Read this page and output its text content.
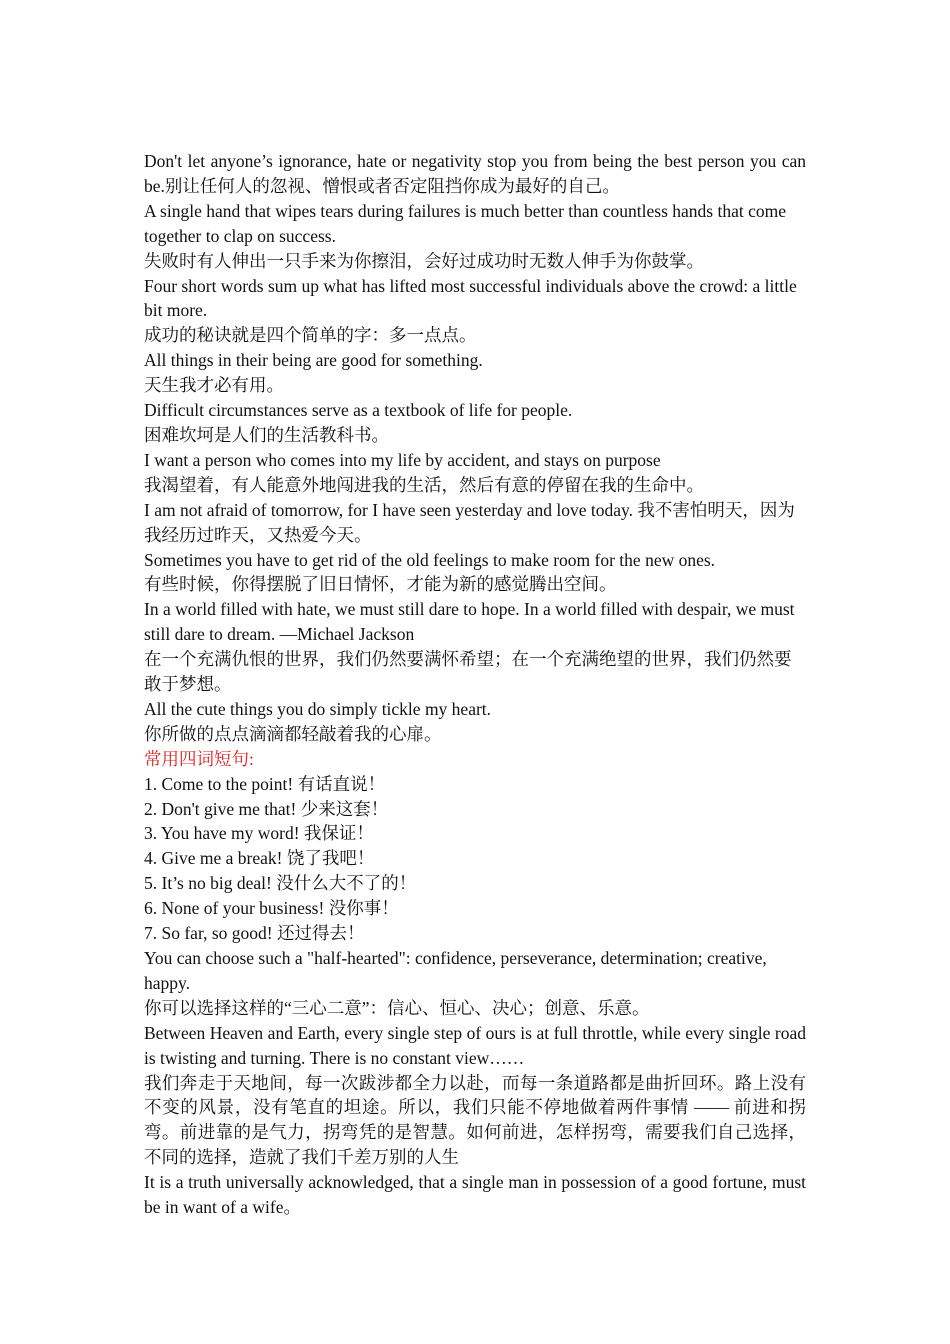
Don't let anyone’s ignorance, hate or negativity stop you from being the best person you can be.别让任何人的忽视、憎恨或者否定阻挡你成为最好的自己。

A single hand that wipes tears during failures is much better than countless hands that come together to clap on success.

失败时有人伸出一只手来为你擦泪，会好过成功时无数人伸手为你鼓掌。

Four short words sum up what has lifted most successful individuals above the crowd: a little bit more.

成功的秘诀就是四个简单的字：多一点点。

All things in their being are good for something.

天生我才必有用。

Difficult circumstances serve as a textbook of life for people.

困难坎坷是人们的生活教科书。

I want a person who comes into my life by accident, and stays on purpose

我渴望着，有人能意外地闯进我的生活，然后有意的停留在我的生命中。

I am not afraid of tomorrow, for I have seen yesterday and love today. 我不害怕明天，因为我经历过昨天，又热爱今天。

Sometimes you have to get rid of the old feelings to make room for the new ones.

有些时候，你得摆脱了旧日情怀，才能为新的感觉腾出空间。

In a world filled with hate, we must still dare to hope. In a world filled with despair, we must still dare to dream. —Michael Jackson

在一个充满仇恨的世界，我们仍然要满怀希望；在一个充满绝望的世界，我们仍然要敢于梦想。

All the cute things you do simply tickle my heart.

你所做的点点滴滴都轻敲着我的心扉。

常用四词短句:

1. Come to the point! 有话直说！

2. Don't give me that! 少来这套！

3. You have my word! 我保证！

4. Give me a break! 饶了我吧！

5. It’s no big deal! 没什么大不了的！

6. None of your business! 没你事！

7. So far, so good! 还过得去！

You can choose such a "half-hearted": confidence, perseverance, determination; creative, happy.

你可以选择这样的“三心二意”：信心、恒心、决心；创意、乐意。

Between Heaven and Earth, every single step of ours is at full throttle, while every single road is twisting and turning. There is no constant view……

我们奔走于天地间，每一次跋涉都全力以赴，而每一条道路都是曲折回环。路上没有不变的风景，没有笔直的坦途。所以，我们只能不停地做着两件事情 —— 前进和拐弯。前进靠的是气力，拐弯凭的是智慧。如何前进，怎样拐弯，需要我们自己选择，不同的选择，造就了我们千差万别的人生

It is a truth universally acknowledged, that a single man in possession of a good fortune, must be in want of a wife。
